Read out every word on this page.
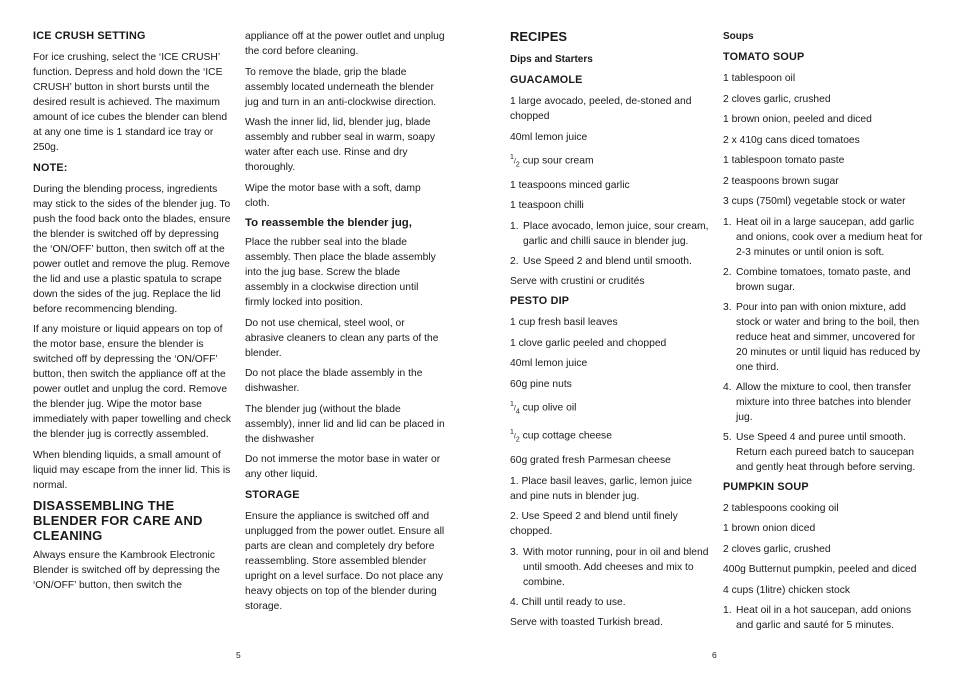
ICE CRUSH SETTING

For ice crushing, select the ‘ICE CRUSH’ function. Depress and hold down the ‘ICE CRUSH’ button in short bursts until the desired result is achieved. The maximum amount of ice cubes the blender can blend at any one time is 1 standard ice tray or 250g.

NOTE:

During the blending process, ingredients may stick to the sides of the blender jug. To push the food back onto the blades, ensure the blender is switched off by depressing the ‘ON/OFF’ button, then switch off at the power outlet and remove the plug. Remove the lid and use a plastic spatula to scrape down the sides of the jug. Replace the lid before recommencing blending.

If any moisture or liquid appears on top of the motor base, ensure the blender is switched off by depressing the ‘ON/OFF’ button, then switch the appliance off at the power outlet and unplug the cord. Remove the blender jug. Wipe the motor base immediately with paper towelling and check the blender jug is correctly assembled.

When blending liquids, a small amount of liquid may escape from the inner lid. This is normal.

DISASSEMBLING THE BLENDER FOR CARE AND CLEANING

Always ensure the Kambrook Electronic Blender is switched off by depressing the ‘ON/OFF’ button, then switch the

appliance off at the power outlet and unplug the cord before cleaning.

To remove the blade, grip the blade assembly located underneath the blender jug and turn in an anti-clockwise direction.

Wash the inner lid, lid, blender jug, blade assembly and rubber seal in warm, soapy water after each use. Rinse and dry thoroughly.

Wipe the motor base with a soft, damp cloth.

To reassemble the blender jug,

Place the rubber seal into the blade assembly. Then place the blade assembly into the jug base. Screw the blade assembly in a clockwise direction until firmly locked into position.

Do not use chemical, steel wool, or abrasive cleaners to clean any parts of the blender.

Do not place the blade assembly in the dishwasher.

The blender jug (without the blade assembly), inner lid and lid can be placed in the dishwasher

Do not immerse the motor base in water or any other liquid.

STORAGE

Ensure the appliance is switched off and unplugged from the power outlet. Ensure all parts are clean and completely dry before reassembling. Store assembled blender upright on a level surface. Do not place any heavy objects on top of the blender during storage.

RECIPES
Dips and Starters
GUACAMOLE

1 large avocado, peeled, de-stoned and chopped

40ml lemon juice

$^1/_2$ cup sour cream

1 teaspoons minced garlic

1 teaspoon chilli

1. Place avocado, lemon juice, sour cream, garlic and chilli sauce in blender jug.
2. Use Speed 2 and blend until smooth.

Serve with crustini or crudités

PESTO DIP

1 cup fresh basil leaves

1 clove garlic peeled and chopped

40ml lemon juice

60g pine nuts

$^1/_4$ cup olive oil

$^1/_2$ cup cottage cheese

60g grated fresh Parmesan cheese

1. Place basil leaves, garlic, lemon juice and pine nuts in blender jug.

2. Use Speed 2 and blend until finely chopped.

3. With motor running, pour in oil and blend until smooth. Add cheeses and mix to combine.

4. Chill until ready to use.

Serve with toasted Turkish bread.

Soups
TOMATO SOUP

1 tablespoon oil

2 cloves garlic, crushed

1 brown onion, peeled and diced

2 x 410g cans diced tomatoes

1 tablespoon tomato paste

2 teaspoons brown sugar

3 cups (750ml) vegetable stock or water

1. Heat oil in a large saucepan, add garlic and onions, cook over a medium heat for 2-3 minutes or until onion is soft.
2. Combine tomatoes, tomato paste, and brown sugar.
3. Pour into pan with onion mixture, add stock or water and bring to the boil, then reduce heat and simmer, uncovered for 20 minutes or until liquid has reduced by one third.
4. Allow the mixture to cool, then transfer mixture into three batches into blender jug.
5. Use Speed 4 and puree until smooth. Return each pureed batch to saucepan and gently heat through before serving.
PUMPKIN SOUP

2 tablespoons cooking oil

1 brown onion diced

2 cloves garlic, crushed

400g Butternut pumpkin, peeled and diced

4 cups (1litre) chicken stock

1. Heat oil in a hot saucepan, add onions and garlic and sauté for 5 minutes.
5	6
